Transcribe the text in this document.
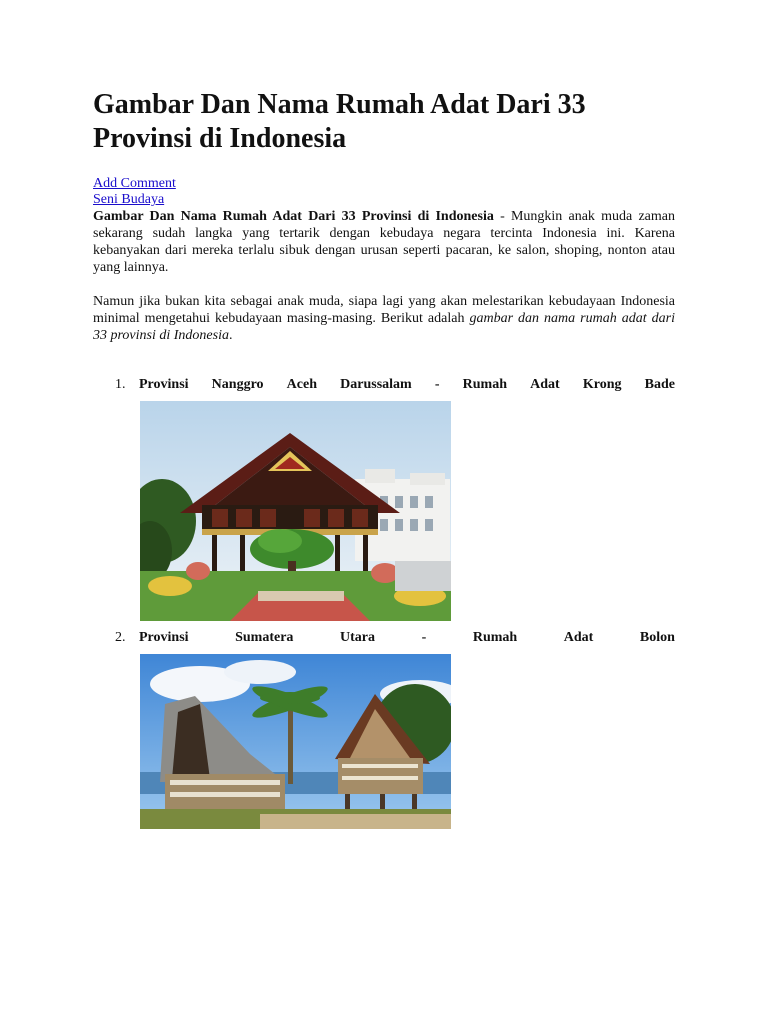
Gambar Dan Nama Rumah Adat Dari 33 Provinsi di Indonesia
Add Comment
Seni Budaya

Gambar Dan Nama Rumah Adat Dari 33 Provinsi di Indonesia - Mungkin anak muda zaman sekarang sudah langka yang tertarik dengan kebudaya negara tercinta Indonesia ini. Karena kebanyakan dari mereka terlalu sibuk dengan urusan seperti pacaran, ke salon, shoping, nonton atau yang lainnya.

Namun jika bukan kita sebagai anak muda, siapa lagi yang akan melestarikan kebudayaan Indonesia minimal mengetahui kebudayaan masing-masing. Berikut adalah gambar dan nama rumah adat dari 33 provinsi di Indonesia.

1. Provinsi Nanggro Aceh Darussalam - Rumah Adat Krong Bade
2. Provinsi	Sumatera	Utara	-	Rumah	Adat	Bolon
